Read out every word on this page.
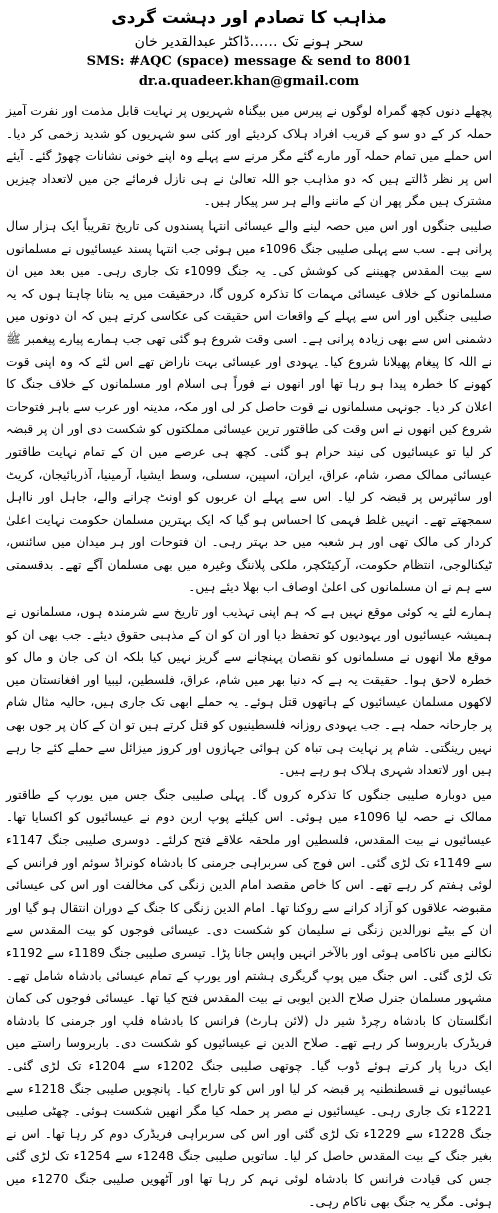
مذاہب کا تصادم اور دہشت گردی

سحر ہونے تک ……ڈاکٹر عبدالقدیر خان

SMS: #AQC (space) message & send to 8001

dr.a.quadeer.khan@gmail.com

پچھلے دنوں کچھ گمراہ لوگوں نے پیرس میں بیگناہ شہریوں پر نہایت قابل مذمت اور نفرت آمیز حملہ کر کے دو سو کے قریب افراد ہلاک کردیئے اور کئی سو شہریوں کو شدید زخمی کر دیا۔ اس حملے میں تمام حملہ آور مارے گئے مگر مرنے سے پہلے وہ اپنے خونی نشانات چھوڑ گئے۔ آیئے اس پر نظر ڈالتے ہیں کہ دو مذاہب جو اللہ تعالیٰ نے ہی نازل فرمائے جن میں لاتعداد چیزیں مشترک ہیں مگر پھر ان کے ماننے والے ہر سر پیکار ہیں۔

صلیبی جنگوں اور اس میں حصہ لینے والے عیسائی انتہا پسندوں کی تاریخ تقریباً ایک ہزار سال پرانی ہے۔ سب سے پہلی صلیبی جنگ 1096ء میں ہوئی جب انتہا پسند عیسائیوں نے مسلمانوں سے بیت المقدس چھیننے کی کوشش کی۔ یہ جنگ 1099ء تک جاری رہی۔ میں بعد میں ان مسلمانوں کے خلاف عیسائی مہمات کا تذکرہ کروں گا، درحقیقت میں یہ بتانا چاہتا ہوں کہ یہ صلیبی جنگیں اور اس سے پہلے کے واقعات اس حقیقت کی عکاسی کرتے ہیں کہ ان دونوں میں دشمنی اس سے بھی زیادہ پرانی ہے۔ اسی وقت شروع ہو گئی تھی جب ہمارے پیارے پیغمبر ﷺ نے اللہ کا پیغام پھیلانا شروع کیا۔ یہودی اور عیسائی بہت ناراض تھے اس لئے کہ وہ اپنی قوت کھونے کا خطرہ پیدا ہو رہا تھا اور انھوں نے فوراً ہی اسلام اور مسلمانوں کے خلاف جنگ کا اعلان کر دیا۔ جونہی مسلمانوں نے قوت حاصل کر لی اور مکہ، مدینہ اور عرب سے باہر فتوحات شروع کیں انھوں نے اس وقت کی طاقتور ترین عیسائی مملکتوں کو شکست دی اور ان پر قبضہ کر لیا تو عیسائیوں کی نیند حرام ہو گئی۔ کچھ ہی عرصے میں ان کے تمام نہایت طاقتور عیسائی ممالک مصر، شام، عراق، ایران، اسپین، سسلی، وسط ایشیا، آرمینیا، آذربائیجان، کریٹ اور سائپرس پر قبضہ کر لیا۔ اس سے پہلے ان عربوں کو اونٹ چرانے والے، جاہل اور نااہل سمجھتے تھے۔ انہیں غلط فہمی کا احساس ہو گیا کہ ایک بہترین مسلمان حکومت نہایت اعلیٰ کردار کی مالک تھی اور ہر شعبہ میں حد بہتر رہی۔ ان فتوحات اور ہر میدان میں سائنس، ٹیکنالوجی، انتظام حکومت، آرکیٹکچر، ملکی پلاننگ وغیرہ میں بھی مسلمان آگے تھے۔ بدقسمتی سے ہم نے ان مسلمانوں کی اعلیٰ اوصاف اب بھلا دیئے ہیں۔

ہمارے لئے یہ کوئی موقع نہیں ہے کہ ہم اپنی تہذیب اور تاریخ سے شرمندہ ہوں، مسلمانوں نے ہمیشہ عیسائیوں اور یہودیوں کو تحفظ دیا اور ان کو ان کے مذہبی حقوق دیئے۔ جب بھی ان کو موقع ملا انھوں نے مسلمانوں کو نقصان پہنچانے سے گریز نہیں کیا بلکہ ان کی جان و مال کو خطرہ لاحق ہوا۔ حقیقت یہ ہے کہ دنیا بھر میں شام، عراق، فلسطین، لیبیا اور افغانستان میں لاکھوں مسلمان عیسائیوں کے ہاتھوں قتل ہوئے۔ یہ حملے ابھی تک جاری ہیں، حالیہ مثال شام پر جارحانہ حملہ ہے۔ جب یہودی روزانہ فلسطینیوں کو قتل کرتے ہیں تو ان کے کان پر جوں بھی نہیں رینگتی۔ شام پر نہایت ہی تباہ کن ہوائی جہازوں اور کروز میزائل سے حملے کئے جا رہے ہیں اور لاتعداد شہری ہلاک ہو رہے ہیں۔

میں دوبارہ صلیبی جنگوں کا تذکرہ کروں گا۔ پہلی صلیبی جنگ جس میں یورپ کے طاقتور ممالک نے حصہ لیا 1096ء میں ہوئی۔ اس کیلئے پوپ اربن دوم نے عیسائیوں کو اکسایا تھا۔ عیسائیوں نے بیت المقدس، فلسطین اور ملحقہ علاقے فتح کرلئے۔ دوسری صلیبی جنگ 1147ء سے 1149ء تک لڑی گئی۔ اس فوج کی سربراہی جرمنی کا بادشاہ کونراڈ سوئم اور فرانس کے لوئی ہفتم کر رہے تھے۔ اس کا خاص مقصد امام الدین زنگی کی مخالفت اور اس کی عیسائی مقبوضہ علاقوں کو آزاد کرانے سے روکنا تھا۔ امام الدین زنگی کا جنگ کے دوران انتقال ہو گیا اور ان کے بیٹے نورالدین زنگی نے سلیمان کو شکست دی۔ عیسائی فوجوں کو بیت المقدس سے نکالنے میں ناکامی ہوئی اور بالآخر انہیں واپس جانا پڑا۔ تیسری صلیبی جنگ 1189ء سے 1192ء تک لڑی گئی۔ اس جنگ میں پوپ گریگری ہشتم اور یورپ کے تمام عیسائی بادشاہ شامل تھے۔ مشہور مسلمان جنرل صلاح الدین ایوبی نے بیت المقدس فتح کیا تھا۔ عیسائی فوجوں کی کمان انگلستان کا بادشاہ رچرڈ شیر دل (لائن ہارٹ) فرانس کا بادشاہ فلپ اور جرمنی کا بادشاہ فریڈرک باربروسا کر رہے تھے۔ صلاح الدین نے عیسائیوں کو شکست دی۔ باربروسا راستے میں ایک دریا پار کرتے ہوئے ڈوب گیا۔ چوتھی صلیبی جنگ 1202ء سے 1204ء تک لڑی گئی۔ عیسائیوں نے قسطنطنیہ پر قبضہ کر لیا اور اس کو تاراج کیا۔ پانچویں صلیبی جنگ 1218ء سے 1221ء تک جاری رہی۔ عیسائیوں نے مصر پر حملہ کیا مگر انھیں شکست ہوئی۔ چھٹی صلیبی جنگ 1228ء سے 1229ء تک لڑی گئی اور اس کی سربراہی فریڈرک دوم کر رہا تھا۔ اس نے بغیر جنگ کے بیت المقدس حاصل کر لیا۔ ساتویں صلیبی جنگ 1248ء سے 1254ء تک لڑی گئی جس کی قیادت فرانس کا بادشاہ لوئی نہم کر رہا تھا اور آٹھویں صلیبی جنگ 1270ء میں ہوئی۔ مگر یہ جنگ بھی ناکام رہی۔
